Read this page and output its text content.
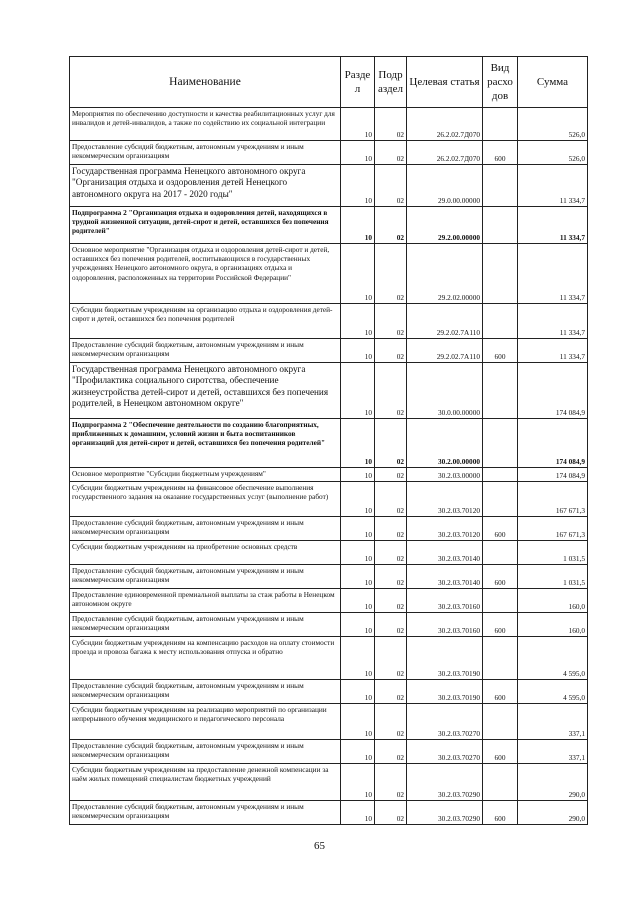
Наименование	Разде л	Подр аздел	Целевая статья	Вид расхо дов	Сумма
Мероприятия по обеспечению доступности и качества реабилитационных услуг для инвалидов и детей-инвалидов, а также по содействию их социальной интеграции	10	02	26.2.02.7Д070		526,0
Предоставление субсидий бюджетным, автономным учреждениям и иным некоммерческим организациям	10	02	26.2.02.7Д070	600	526,0
Государственная программа Ненецкого автономного округа "Организация отдыха и оздоровления детей Ненецкого автономного округа на 2017 - 2020 годы"	10	02	29.0.00.00000		11 334,7
Подпрограмма 2 "Организация отдыха и оздоровления детей, находящихся в трудной жизненной ситуации, детей-сирот и детей, оставшихся без попечения родителей"	10	02	29.2.00.00000		11 334,7
Основное мероприятие "Организация отдыха и оздоровления детей-сирот и детей, оставшихся без попечения родителей, воспитывающихся в государственных учреждениях Ненецкого автономного округа, в организациях отдыха и оздоровления, расположенных на территории Российской Федерации"	10	02	29.2.02.00000		11 334,7
Субсидии бюджетным учреждениям на организацию отдыха и оздоровления детей-сирот и детей, оставшихся без попечения родителей	10	02	29.2.02.7А110		11 334,7
Предоставление субсидий бюджетным, автономным учреждениям и иным некоммерческим организациям	10	02	29.2.02.7А110	600	11 334,7
Государственная программа Ненецкого автономного округа "Профилактика социального сиротства, обеспечение жизнеустройства детей-сирот и детей, оставшихся без попечения родителей, в Ненецком автономном округе"	10	02	30.0.00.00000		174 084,9
Подпрограмма 2 "Обеспечение деятельности по созданию благоприятных, приближенных к домашним, условий жизни и быта воспитанников организаций для детей-сирот и детей, оставшихся без попечения родителей"	10	02	30.2.00.00000		174 084,9
Основное мероприятие "Субсидии бюджетным учреждениям"	10	02	30.2.03.00000		174 084,9
Субсидии бюджетным учреждениям на финансовое обеспечение выполнения государственного задания на оказание государственных услуг (выполнение работ)	10	02	30.2.03.70120		167 671,3
Предоставление субсидий бюджетным, автономным учреждениям и иным некоммерческим организациям	10	02	30.2.03.70120	600	167 671,3
Субсидии бюджетным учреждениям на приобретение основных средств	10	02	30.2.03.70140		1 031,5
Предоставление субсидий бюджетным, автономным учреждениям и иным некоммерческим организациям	10	02	30.2.03.70140	600	1 031,5
Предоставление единовременной премиальной выплаты за стаж работы в Ненецком автономном округе	10	02	30.2.03.70160		160,0
Предоставление субсидий бюджетным, автономным учреждениям и иным некоммерческим организациям	10	02	30.2.03.70160	600	160,0
Субсидии бюджетным учреждениям на компенсацию расходов на оплату стоимости проезда и провоза багажа к месту использования отпуска и обратно	10	02	30.2.03.70190		4 595,0
Предоставление субсидий бюджетным, автономным учреждениям и иным некоммерческим организациям	10	02	30.2.03.70190	600	4 595,0
Субсидии бюджетным учреждениям на реализацию мероприятий по организации непрерывного обучения медицинского и педагогического персонала	10	02	30.2.03.70270		337,1
Предоставление субсидий бюджетным, автономным учреждениям и иным некоммерческим организациям	10	02	30.2.03.70270	600	337,1
Субсидии бюджетным учреждениям на предоставление денежной компенсации за наём жилых помещений специалистам бюджетных учреждений	10	02	30.2.03.70290		290,0
Предоставление субсидий бюджетным, автономным учреждениям и иным некоммерческим организациям	10	02	30.2.03.70290	600	290,0
65
